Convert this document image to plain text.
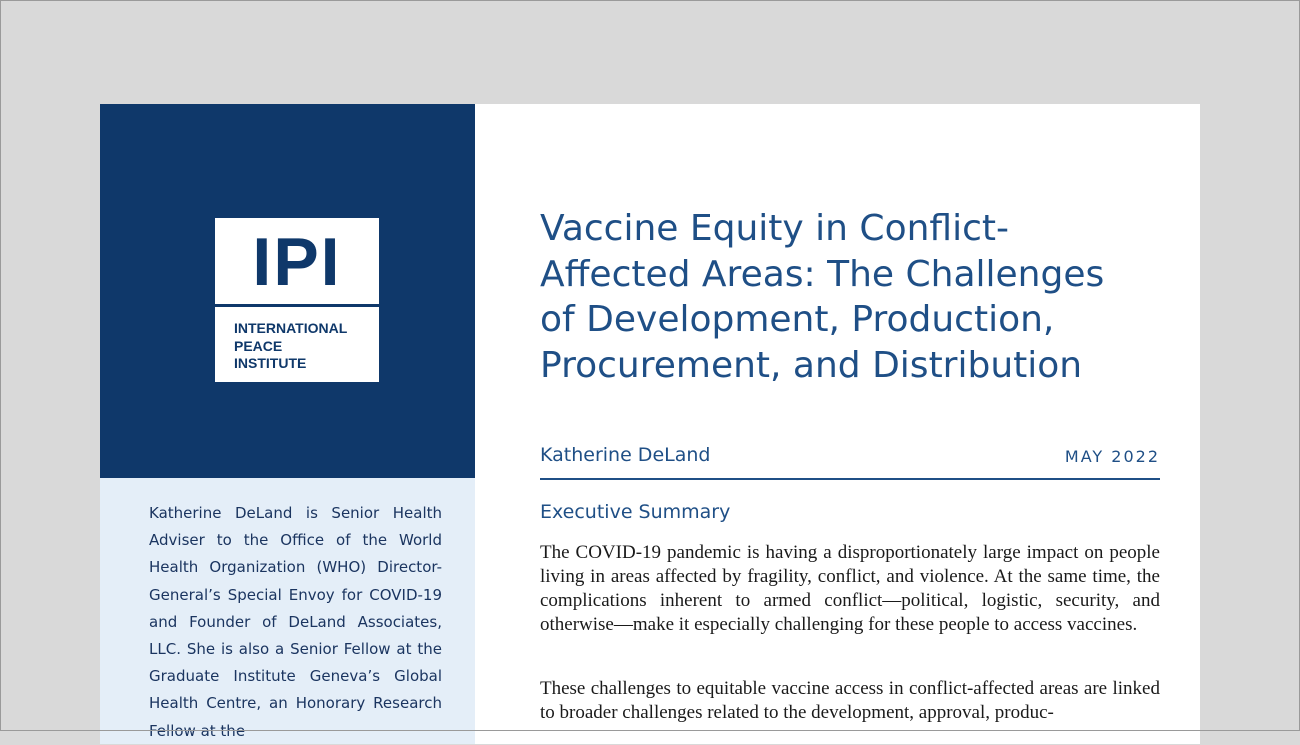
IPI
INTERNATIONAL
PEACE
INSTITUTE

Katherine DeLand is Senior Health Adviser to the Office of the World Health Organization (WHO) Director-General’s Special Envoy for COVID-19 and Founder of DeLand Associates, LLC. She is also a Senior Fellow at the Graduate Institute Geneva’s Global Health Centre, an Honorary Research Fellow at the

Vaccine Equity in Conflict-
Affected Areas: The Challenges
of Development, Production,
Procurement, and Distribution
Katherine DeLand	MAY 2022
Executive Summary

The COVID-19 pandemic is having a disproportionately large impact on people living in areas affected by fragility, conflict, and violence. At the same time, the complications inherent to armed conflict—political, logistic, security, and otherwise—make it especially challenging for these people to access vaccines.

These challenges to equitable vaccine access in conflict-affected areas are linked to broader challenges related to the development, approval, produc-
